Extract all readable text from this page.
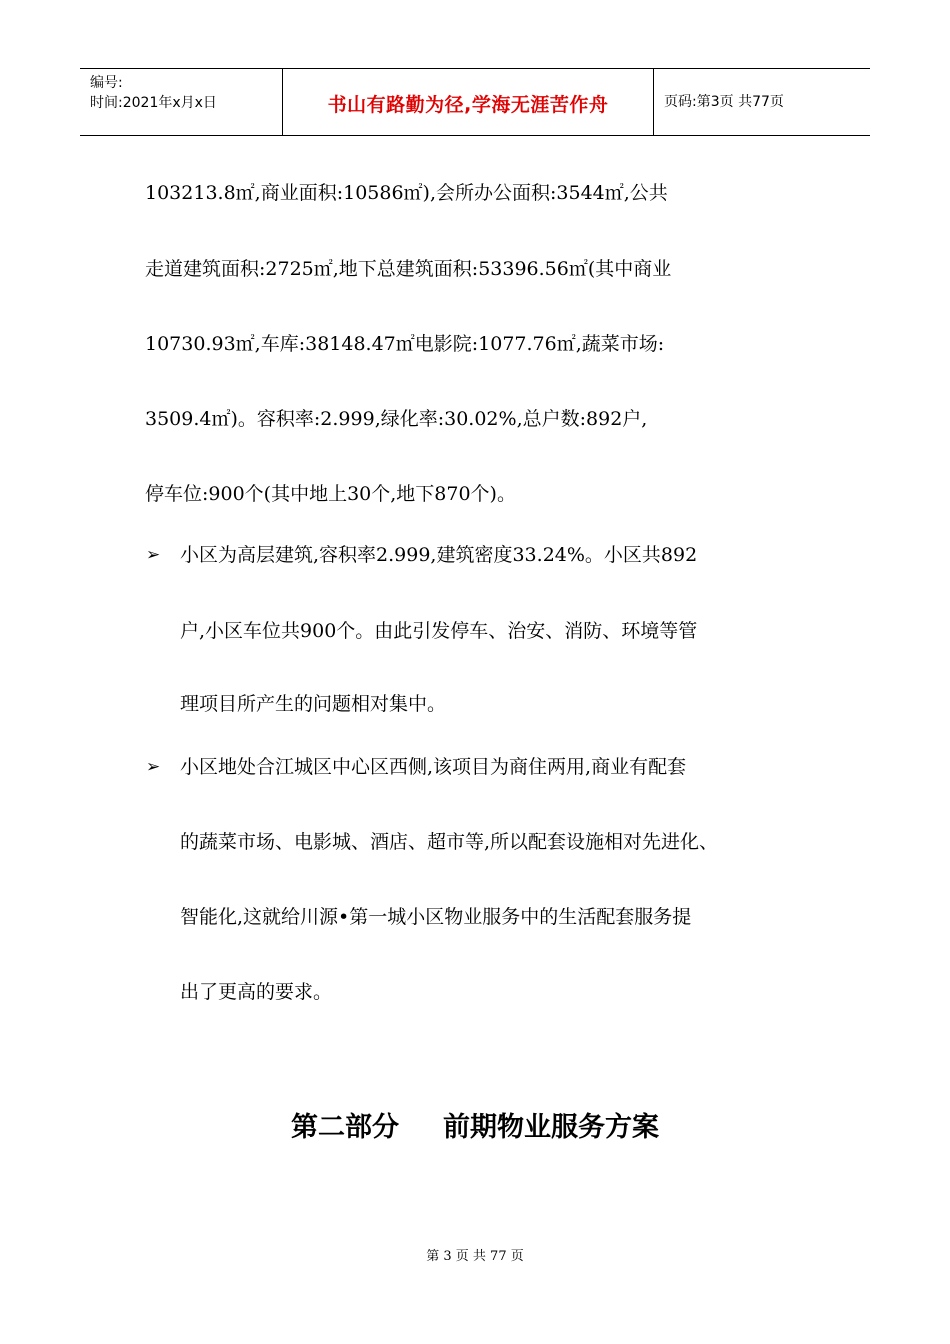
编号:
时间:2021年x月x日	书山有路勤为径,学海无涯苦作舟	页码:第3页 共77页
103213.8㎡,商业面积:10586㎡),会所办公面积:3544㎡,公共
走道建筑面积:2725㎡,地下总建筑面积:53396.56㎡(其中商业
10730.93㎡,车库:38148.47㎡电影院:1077.76㎡,蔬菜市场:
3509.4㎡)。容积率:2.999,绿化率:30.02%,总户数:892户,
停车位:900个(其中地上30个,地下870个)。
➢ 小区为高层建筑,容积率2.999,建筑密度33.24%。小区共892
户,小区车位共900个。由此引发停车、治安、消防、环境等管
理项目所产生的问题相对集中。
➢ 小区地处合江城区中心区西侧,该项目为商住两用,商业有配套
的蔬菜市场、电影城、酒店、超市等,所以配套设施相对先进化、
智能化,这就给川源•第一城小区物业服务中的生活配套服务提
出了更高的要求。
第二部分 前期物业服务方案
第 3 页 共 77 页
